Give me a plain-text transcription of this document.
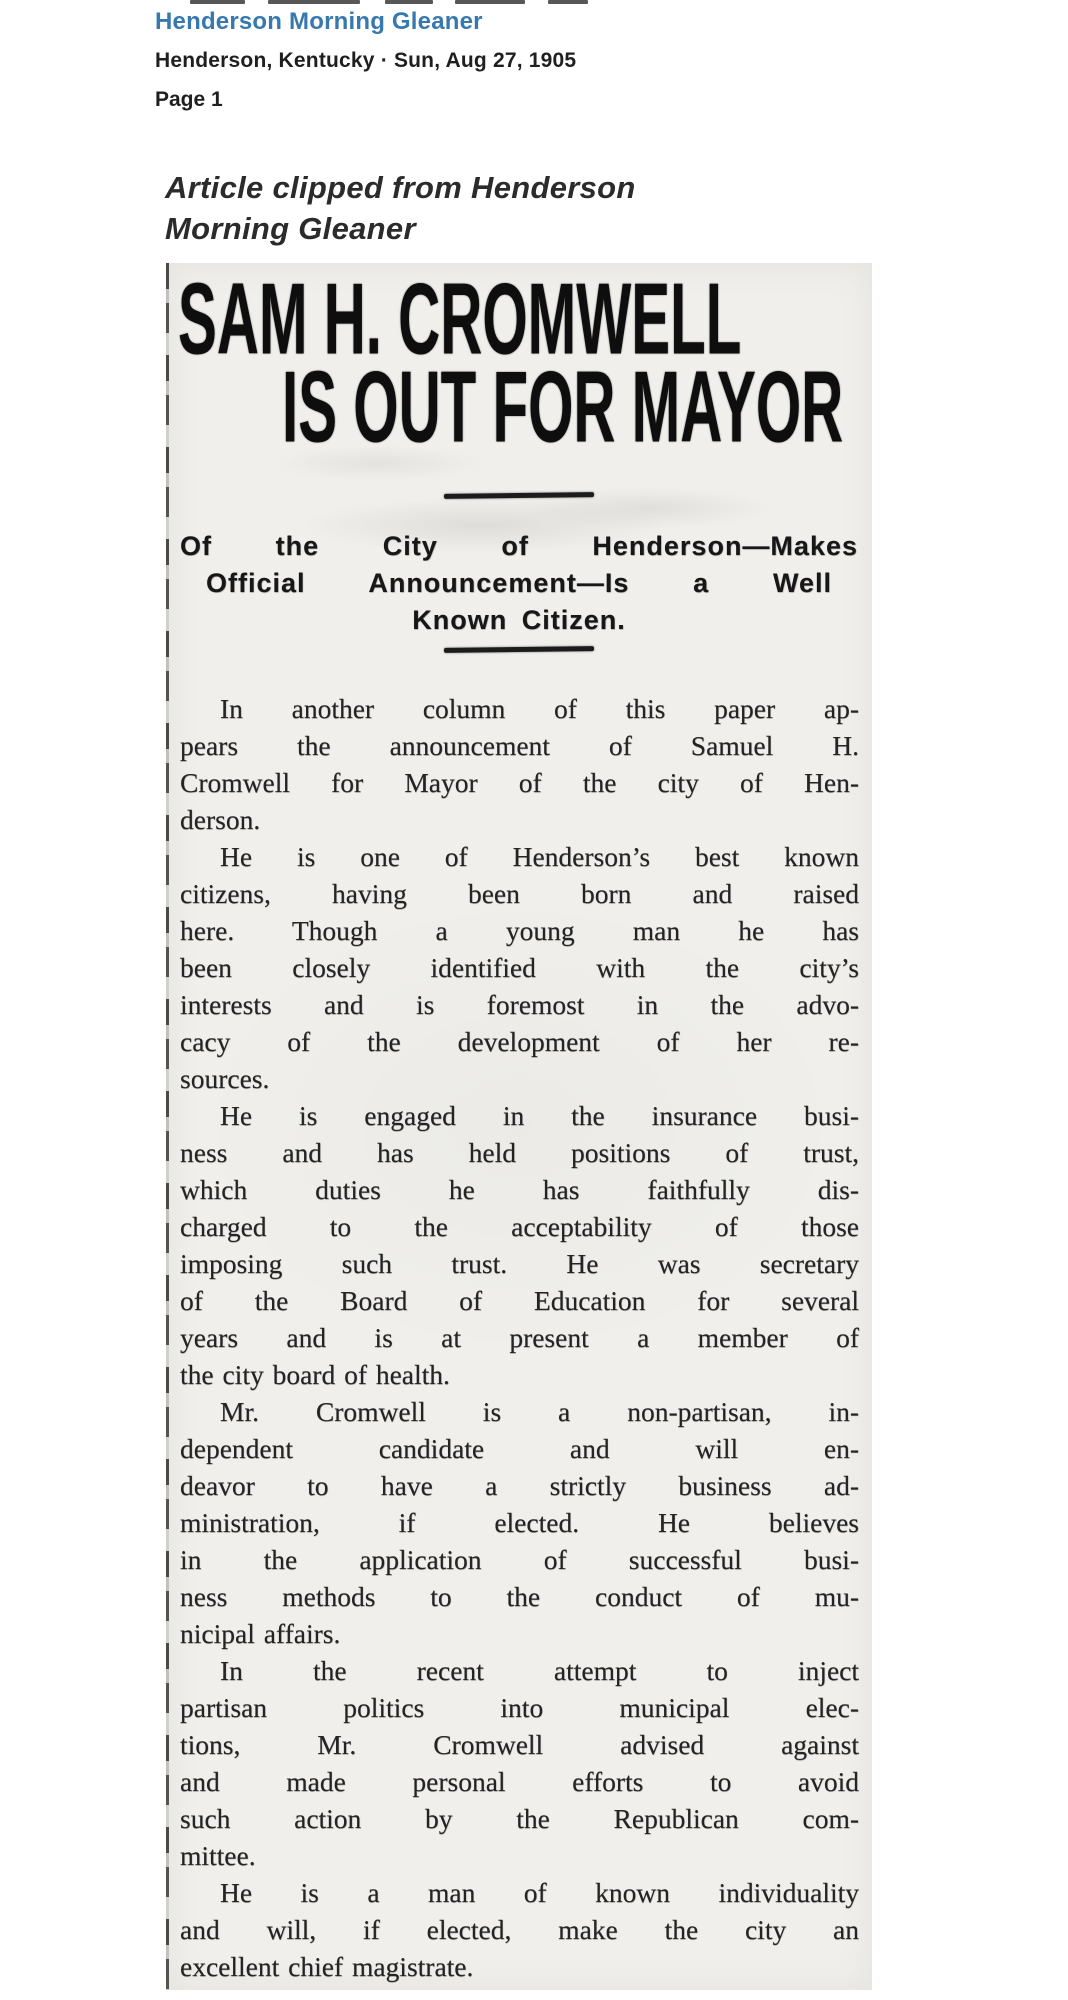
Henderson Morning Gleaner
Henderson, Kentucky · Sun, Aug 27, 1905
Page 1
Article clipped from Henderson
Morning Gleaner
SAM H. CROMWELL
IS OUT FOR MAYOR
Of the City of Henderson—Makes
Official Announcement—Is a Well
Known Citizen.
In another column of this paper ap-
pears the announcement of Samuel H.
Cromwell for Mayor of the city of Hen-
derson.
He is one of Henderson’s best known
citizens, having been born and raised
here. Though a young man he has
been closely identified with the city’s
interests and is foremost in the advo-
cacy of the development of her re-
sources.
He is engaged in the insurance busi-
ness and has held positions of trust,
which duties he has faithfully dis-
charged to the acceptability of those
imposing such trust. He was secretary
of the Board of Education for several
years and is at present a member of
the city board of health.
Mr. Cromwell is a non-partisan, in-
dependent candidate and will en-
deavor to have a strictly business ad-
ministration, if elected. He believes
in the application of successful busi-
ness methods to the conduct of mu-
nicipal affairs.
In the recent attempt to inject
partisan politics into municipal elec-
tions, Mr. Cromwell advised against
and made personal efforts to avoid
such action by the Republican com-
mittee.
He is a man of known individuality
and will, if elected, make the city an
excellent chief magistrate.
